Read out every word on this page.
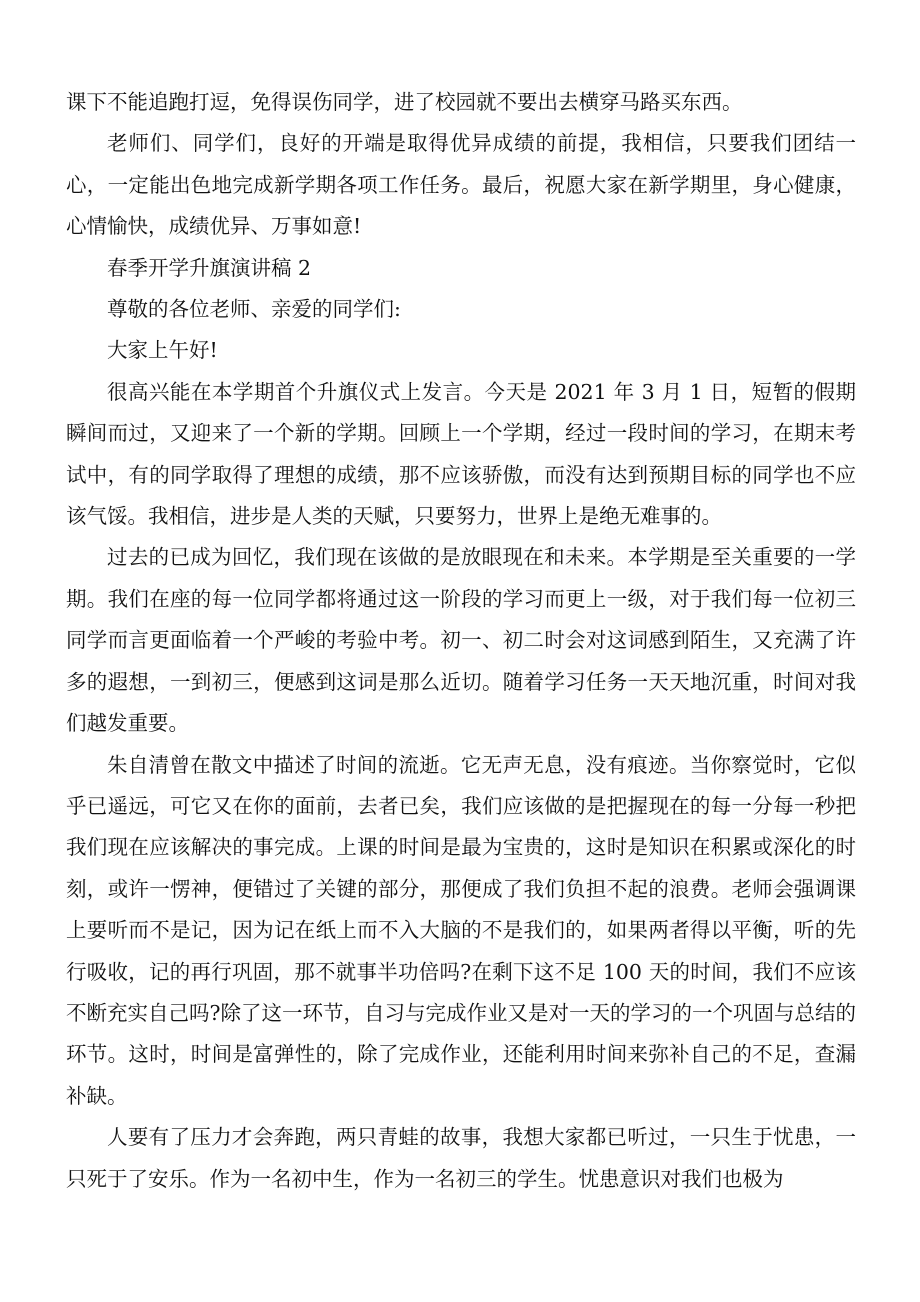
课下不能追跑打逗，免得误伤同学，进了校园就不要出去横穿马路买东西。

老师们、同学们，良好的开端是取得优异成绩的前提，我相信，只要我们团结一心，一定能出色地完成新学期各项工作任务。最后，祝愿大家在新学期里，身心健康，心情愉快，成绩优异、万事如意!

春季开学升旗演讲稿 2

尊敬的各位老师、亲爱的同学们:

大家上午好!

很高兴能在本学期首个升旗仪式上发言。今天是 2021 年 3 月 1 日，短暂的假期瞬间而过，又迎来了一个新的学期。回顾上一个学期，经过一段时间的学习，在期末考试中，有的同学取得了理想的成绩，那不应该骄傲，而没有达到预期目标的同学也不应该气馁。我相信，进步是人类的天赋，只要努力，世界上是绝无难事的。

过去的已成为回忆，我们现在该做的是放眼现在和未来。本学期是至关重要的一学期。我们在座的每一位同学都将通过这一阶段的学习而更上一级，对于我们每一位初三同学而言更面临着一个严峻的考验中考。初一、初二时会对这词感到陌生，又充满了许多的遐想，一到初三，便感到这词是那么近切。随着学习任务一天天地沉重，时间对我们越发重要。

朱自清曾在散文中描述了时间的流逝。它无声无息，没有痕迹。当你察觉时，它似乎已遥远，可它又在你的面前，去者已矣，我们应该做的是把握现在的每一分每一秒把我们现在应该解决的事完成。上课的时间是最为宝贵的，这时是知识在积累或深化的时刻，或许一愣神，便错过了关键的部分，那便成了我们负担不起的浪费。老师会强调课上要听而不是记，因为记在纸上而不入大脑的不是我们的，如果两者得以平衡，听的先行吸收，记的再行巩固，那不就事半功倍吗?在剩下这不足 100 天的时间，我们不应该不断充实自己吗?除了这一环节，自习与完成作业又是对一天的学习的一个巩固与总结的环节。这时，时间是富弹性的，除了完成作业，还能利用时间来弥补自己的不足，查漏补缺。

人要有了压力才会奔跑，两只青蛙的故事，我想大家都已听过，一只生于忧患，一只死于了安乐。作为一名初中生，作为一名初三的学生。忧患意识对我们也极为
